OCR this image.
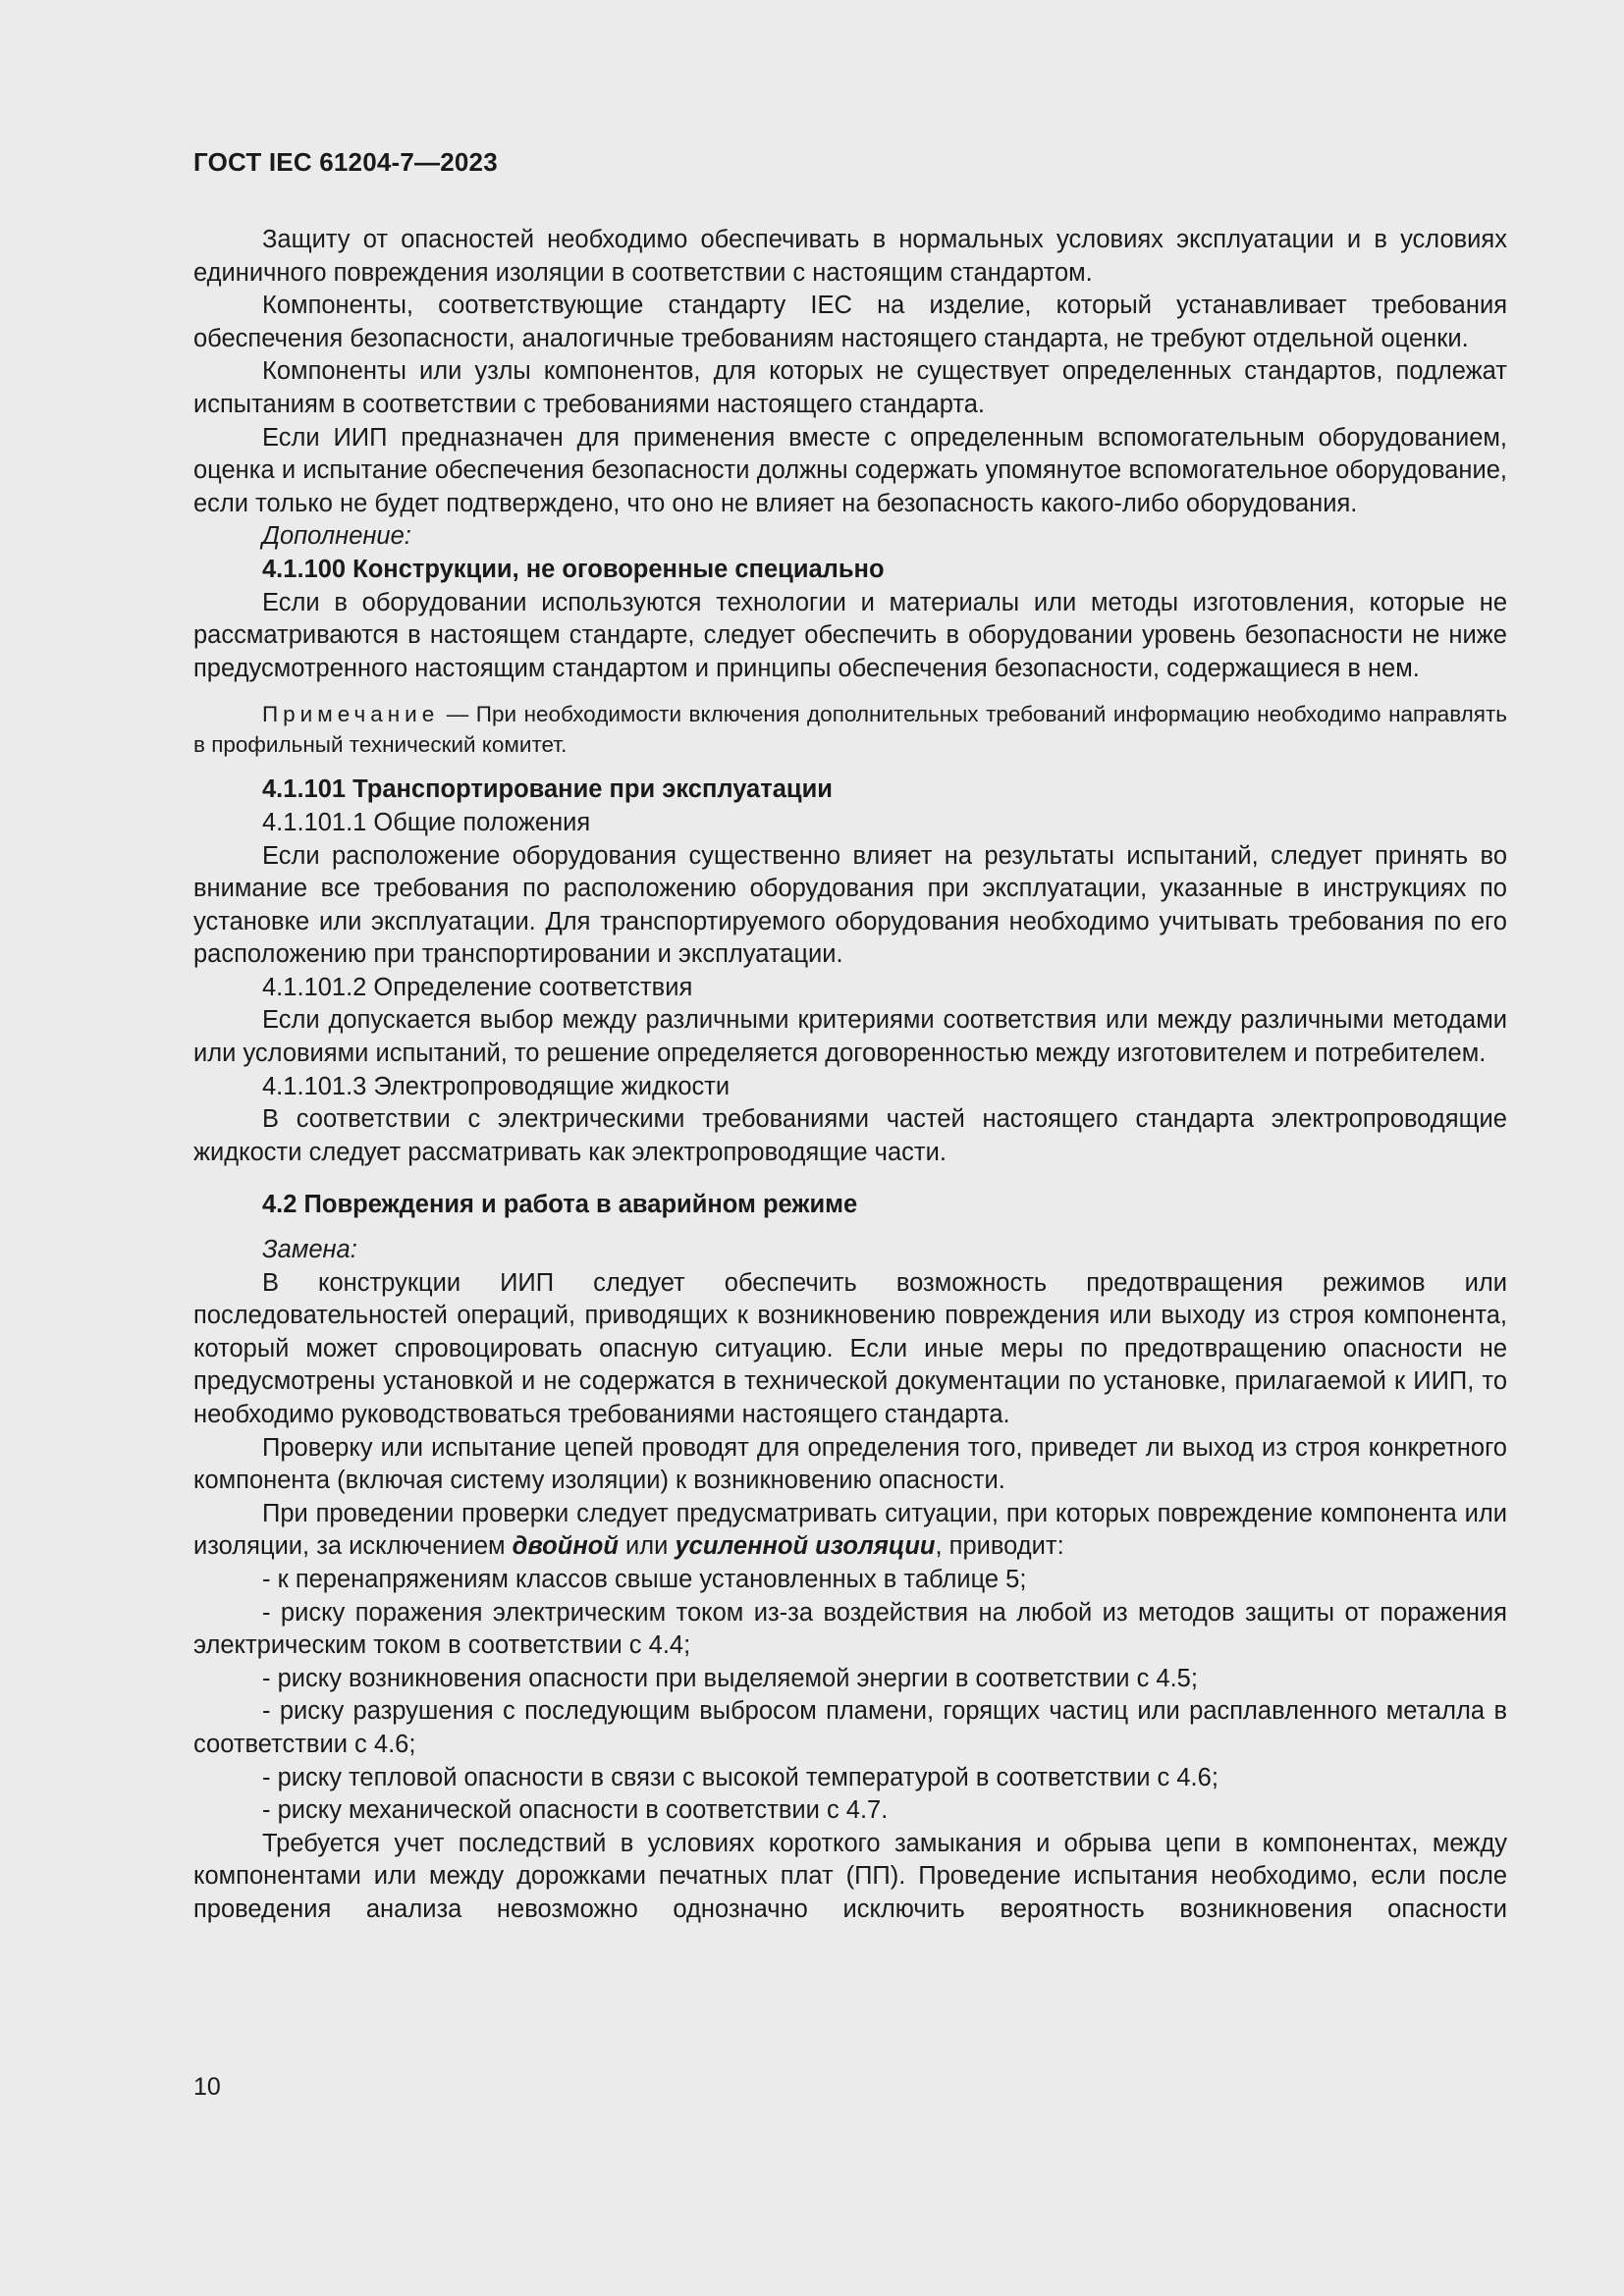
ГОСТ IEC 61204-7—2023

Защиту от опасностей необходимо обеспечивать в нормальных условиях эксплуатации и в условиях единичного повреждения изоляции в соответствии с настоящим стандартом.

Компоненты, соответствующие стандарту IEC на изделие, который устанавливает требования обеспечения безопасности, аналогичные требованиям настоящего стандарта, не требуют отдельной оценки.

Компоненты или узлы компонентов, для которых не существует определенных стандартов, подлежат испытаниям в соответствии с требованиями настоящего стандарта.

Если ИИП предназначен для применения вместе с определенным вспомогательным оборудованием, оценка и испытание обеспечения безопасности должны содержать упомянутое вспомогательное оборудование, если только не будет подтверждено, что оно не влияет на безопасность какого-либо оборудования.

Дополнение:

4.1.100 Конструкции, не оговоренные специально

Если в оборудовании используются технологии и материалы или методы изготовления, которые не рассматриваются в настоящем стандарте, следует обеспечить в оборудовании уровень безопасности не ниже предусмотренного настоящим стандартом и принципы обеспечения безопасности, содержащиеся в нем.

Примечание — При необходимости включения дополнительных требований информацию необходимо направлять в профильный технический комитет.

4.1.101 Транспортирование при эксплуатации

4.1.101.1 Общие положения

Если расположение оборудования существенно влияет на результаты испытаний, следует принять во внимание все требования по расположению оборудования при эксплуатации, указанные в инструкциях по установке или эксплуатации. Для транспортируемого оборудования необходимо учитывать требования по его расположению при транспортировании и эксплуатации.

4.1.101.2 Определение соответствия

Если допускается выбор между различными критериями соответствия или между различными методами или условиями испытаний, то решение определяется договоренностью между изготовителем и потребителем.

4.1.101.3 Электропроводящие жидкости

В соответствии с электрическими требованиями частей настоящего стандарта электропроводящие жидкости следует рассматривать как электропроводящие части.

4.2 Повреждения и работа в аварийном режиме

Замена:

В конструкции ИИП следует обеспечить возможность предотвращения режимов или последовательностей операций, приводящих к возникновению повреждения или выходу из строя компонента, который может спровоцировать опасную ситуацию. Если иные меры по предотвращению опасности не предусмотрены установкой и не содержатся в технической документации по установке, прилагаемой к ИИП, то необходимо руководствоваться требованиями настоящего стандарта.

Проверку или испытание цепей проводят для определения того, приведет ли выход из строя конкретного компонента (включая систему изоляции) к возникновению опасности.

При проведении проверки следует предусматривать ситуации, при которых повреждение компонента или изоляции, за исключением двойной или усиленной изоляции, приводит:

- к перенапряжениям классов свыше установленных в таблице 5;

- риску поражения электрическим током из-за воздействия на любой из методов защиты от поражения электрическим током в соответствии с 4.4;

- риску возникновения опасности при выделяемой энергии в соответствии с 4.5;

- риску разрушения с последующим выбросом пламени, горящих частиц или расплавленного металла в соответствии с 4.6;

- риску тепловой опасности в связи с высокой температурой в соответствии с 4.6;

- риску механической опасности в соответствии с 4.7.

Требуется учет последствий в условиях короткого замыкания и обрыва цепи в компонентах, между компонентами или между дорожками печатных плат (ПП). Проведение испытания необходимо, если после проведения анализа невозможно однозначно исключить вероятность возникновения опасности

10
